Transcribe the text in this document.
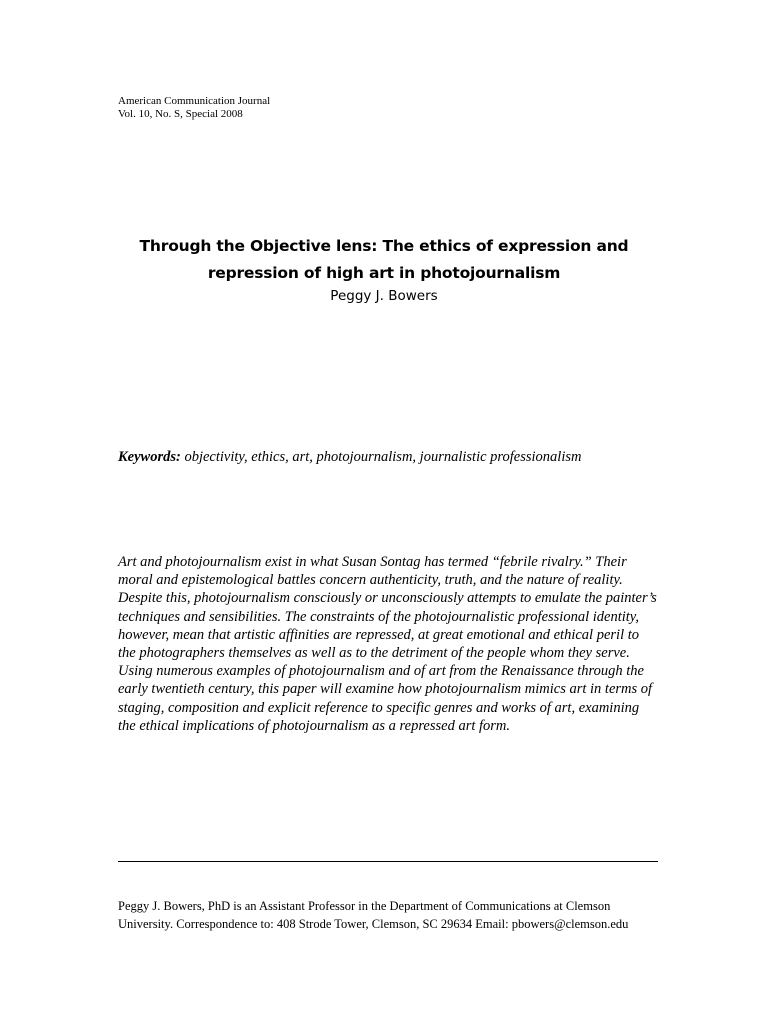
American Communication Journal
Vol. 10, No. S, Special 2008
Through the Objective lens: The ethics of expression and
repression of high art in photojournalism
Peggy J. Bowers
Keywords: objectivity, ethics, art, photojournalism, journalistic professionalism
Art and photojournalism exist in what Susan Sontag has termed “febrile rivalry.” Their moral and epistemological battles concern authenticity, truth, and the nature of reality. Despite this, photojournalism consciously or unconsciously attempts to emulate the painter’s techniques and sensibilities. The constraints of the photojournalistic professional identity, however, mean that artistic affinities are repressed, at great emotional and ethical peril to the photographers themselves as well as to the detriment of the people whom they serve. Using numerous examples of photojournalism and of art from the Renaissance through the early twentieth century, this paper will examine how photojournalism mimics art in terms of staging, composition and explicit reference to specific genres and works of art, examining the ethical implications of photojournalism as a repressed art form.
Peggy J. Bowers, PhD is an Assistant Professor in the Department of Communications at Clemson
University. Correspondence to: 408 Strode Tower, Clemson, SC 29634 Email: pbowers@clemson.edu
